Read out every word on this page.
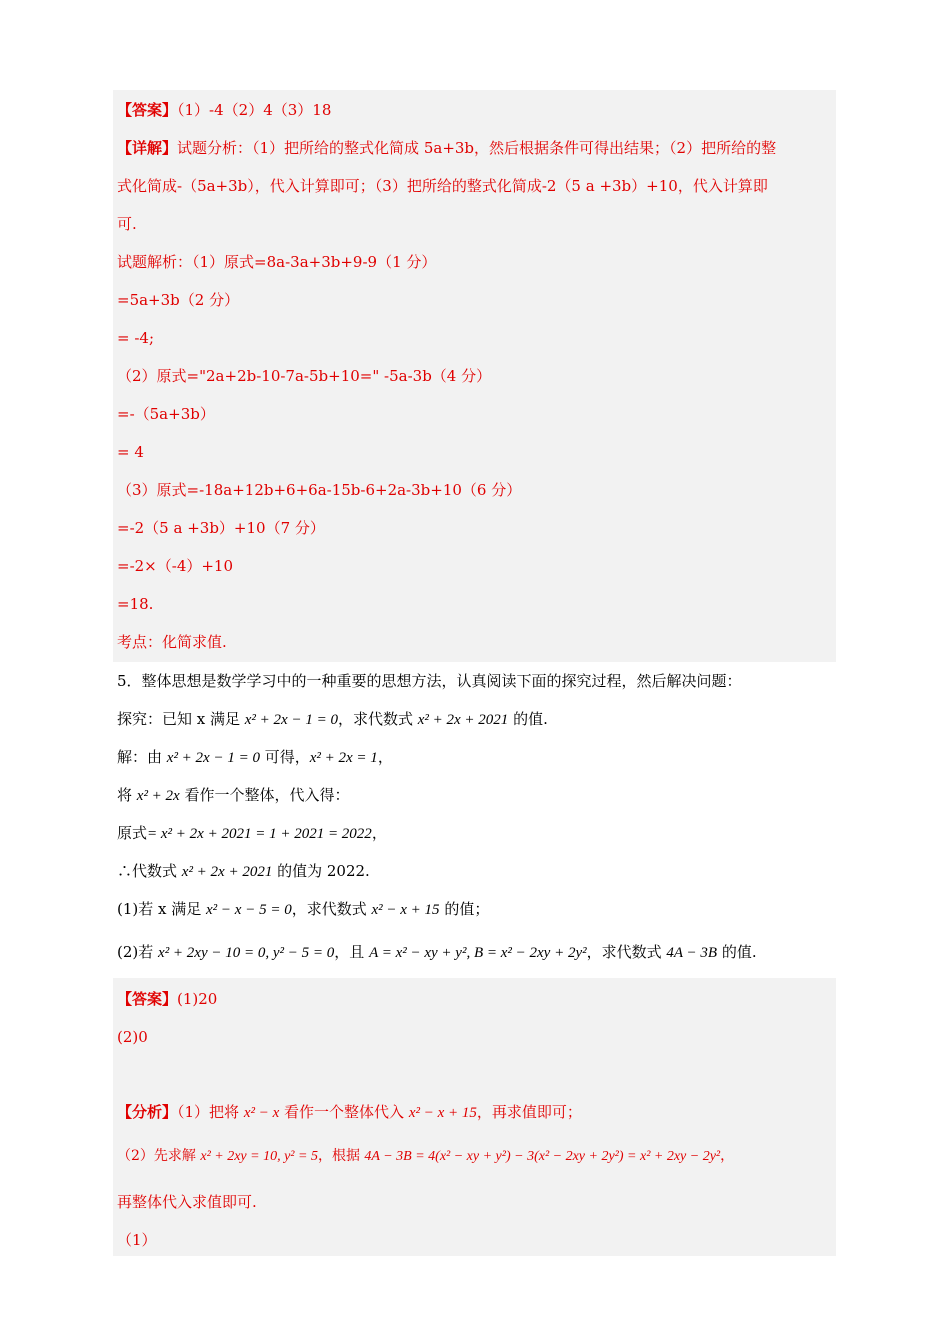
【答案】（1）-4（2）4（3）18
【详解】试题分析：（1）把所给的整式化简成 5a+3b，然后根据条件可得出结果；（2）把所给的整
式化简成-（5a+3b），代入计算即可；（3）把所给的整式化简成-2（5 a +3b）+10，代入计算即
可.
试题解析：（1）原式=8a-3a+3b+9-9（1 分）
=5a+3b（2 分）
= -4;
（2）原式="2a+2b-10-7a-5b+10=" -5a-3b（4 分）
=-（5a+3b）
= 4
（3）原式=-18a+12b+6+6a-15b-6+2a-3b+10（6 分）
=-2（5 a +3b）+10（7 分）
=-2×（-4）+10
=18.
考点：化简求值.
5．整体思想是数学学习中的一种重要的思想方法，认真阅读下面的探究过程，然后解决问题：
探究：已知 x 满足 x² + 2x − 1 = 0，求代数式 x² + 2x + 2021 的值.
解：由 x² + 2x − 1 = 0 可得，x² + 2x = 1，
将 x² + 2x 看作一个整体，代入得：
原式= x² + 2x + 2021 = 1 + 2021 = 2022，
∴代数式 x² + 2x + 2021 的值为 2022.
(1)若 x 满足 x² − x − 5 = 0，求代数式 x² − x + 15 的值；
(2)若 x² + 2xy − 10 = 0, y² − 5 = 0，且 A = x² − xy + y², B = x² − 2xy + 2y²，求代数式 4A − 3B 的值.
【答案】(1)20
(2)0
【分析】（1）把将 x² − x 看作一个整体代入 x² − x + 15，再求值即可；
（2）先求解 x² + 2xy = 10, y² = 5，根据 4A − 3B = 4(x² − xy + y²) − 3(x² − 2xy + 2y²) = x² + 2xy − 2y²，
再整体代入求值即可.
（1）
